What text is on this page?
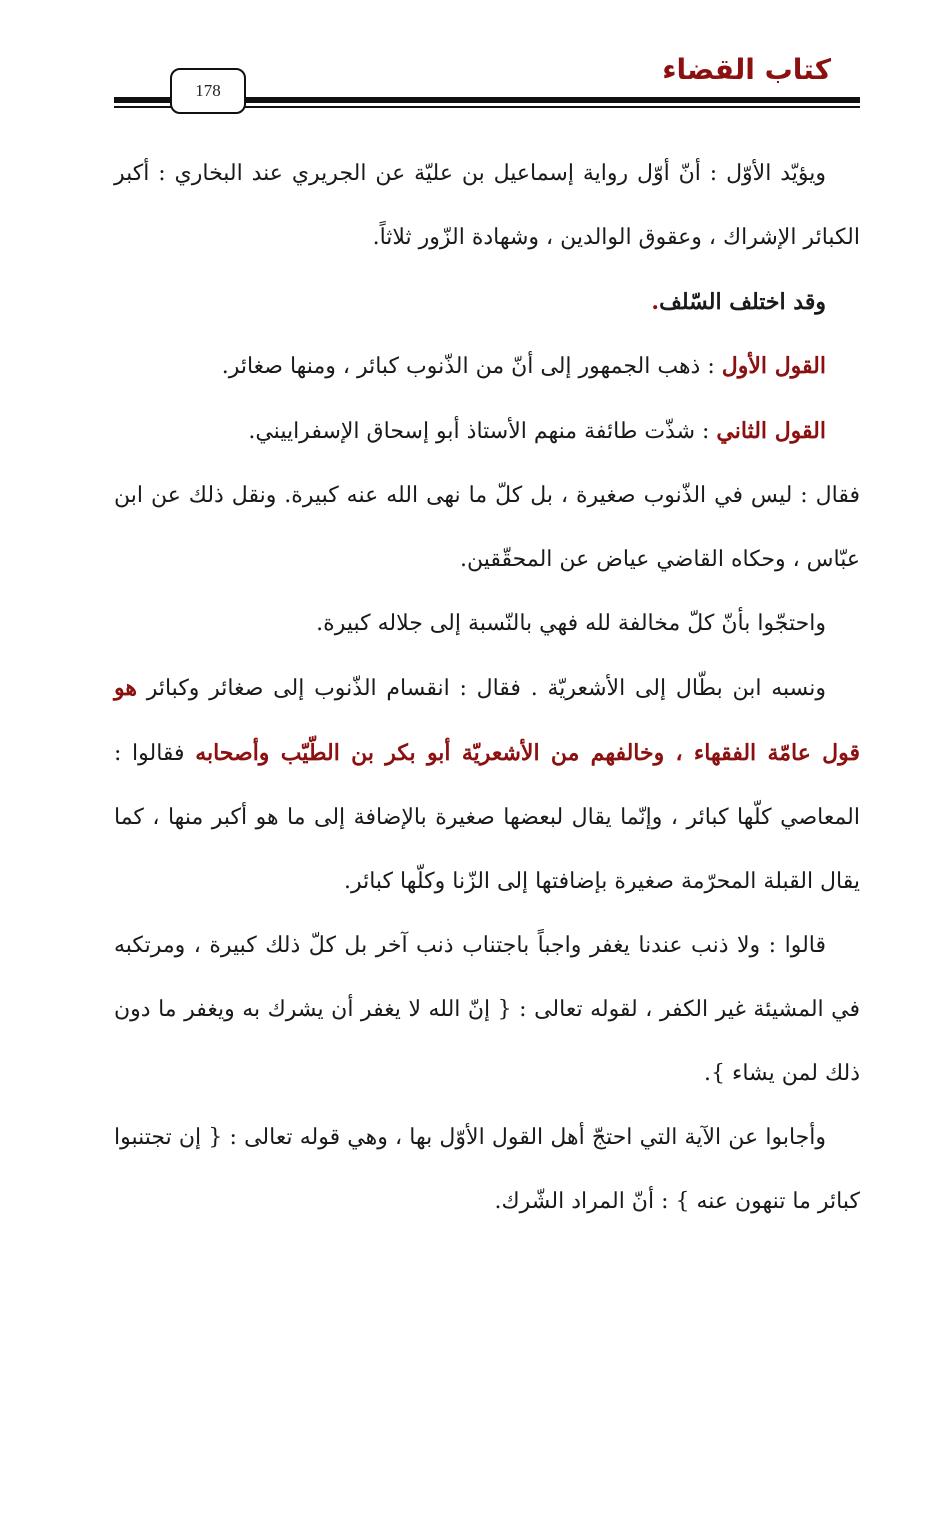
كتاب القضاء
178

ويؤيّد الأوّل : أنّ أوّل رواية إسماعيل بن عليّة عن الجريري عند البخاري : أكبر الكبائر الإشراك ، وعقوق الوالدين ، وشهادة الزّور ثلاثاً.

وقد اختلف السّلف.

القول الأول : ذهب الجمهور إلى أنّ من الذّنوب كبائر ، ومنها صغائر.

القول الثاني : شذّت طائفة منهم الأستاذ أبو إسحاق الإسفراييني.

فقال : ليس في الذّنوب صغيرة ، بل كلّ ما نهى الله عنه كبيرة. ونقل ذلك عن ابن عبّاس ، وحكاه القاضي عياض عن المحقّقين.

واحتجّوا بأنّ كلّ مخالفة لله فهي بالنّسبة إلى جلاله كبيرة.

ونسبه ابن بطّال إلى الأشعريّة . فقال : انقسام الذّنوب إلى صغائر وكبائر هو قول عامّة الفقهاء ، وخالفهم من الأشعريّة أبو بكر بن الطّيّب وأصحابه فقالوا : المعاصي كلّها كبائر ، وإنّما يقال لبعضها صغيرة بالإضافة إلى ما هو أكبر منها ، كما يقال القبلة المحرّمة صغيرة بإضافتها إلى الزّنا وكلّها كبائر.

قالوا : ولا ذنب عندنا يغفر واجباً باجتناب ذنب آخر بل كلّ ذلك كبيرة ، ومرتكبه في المشيئة غير الكفر ، لقوله تعالى : { إنّ الله لا يغفر أن يشرك به ويغفر ما دون ذلك لمن يشاء }.

وأجابوا عن الآية التي احتجّ أهل القول الأوّل بها ، وهي قوله تعالى : { إن تجتنبوا كبائر ما تنهون عنه } : أنّ المراد الشّرك.
